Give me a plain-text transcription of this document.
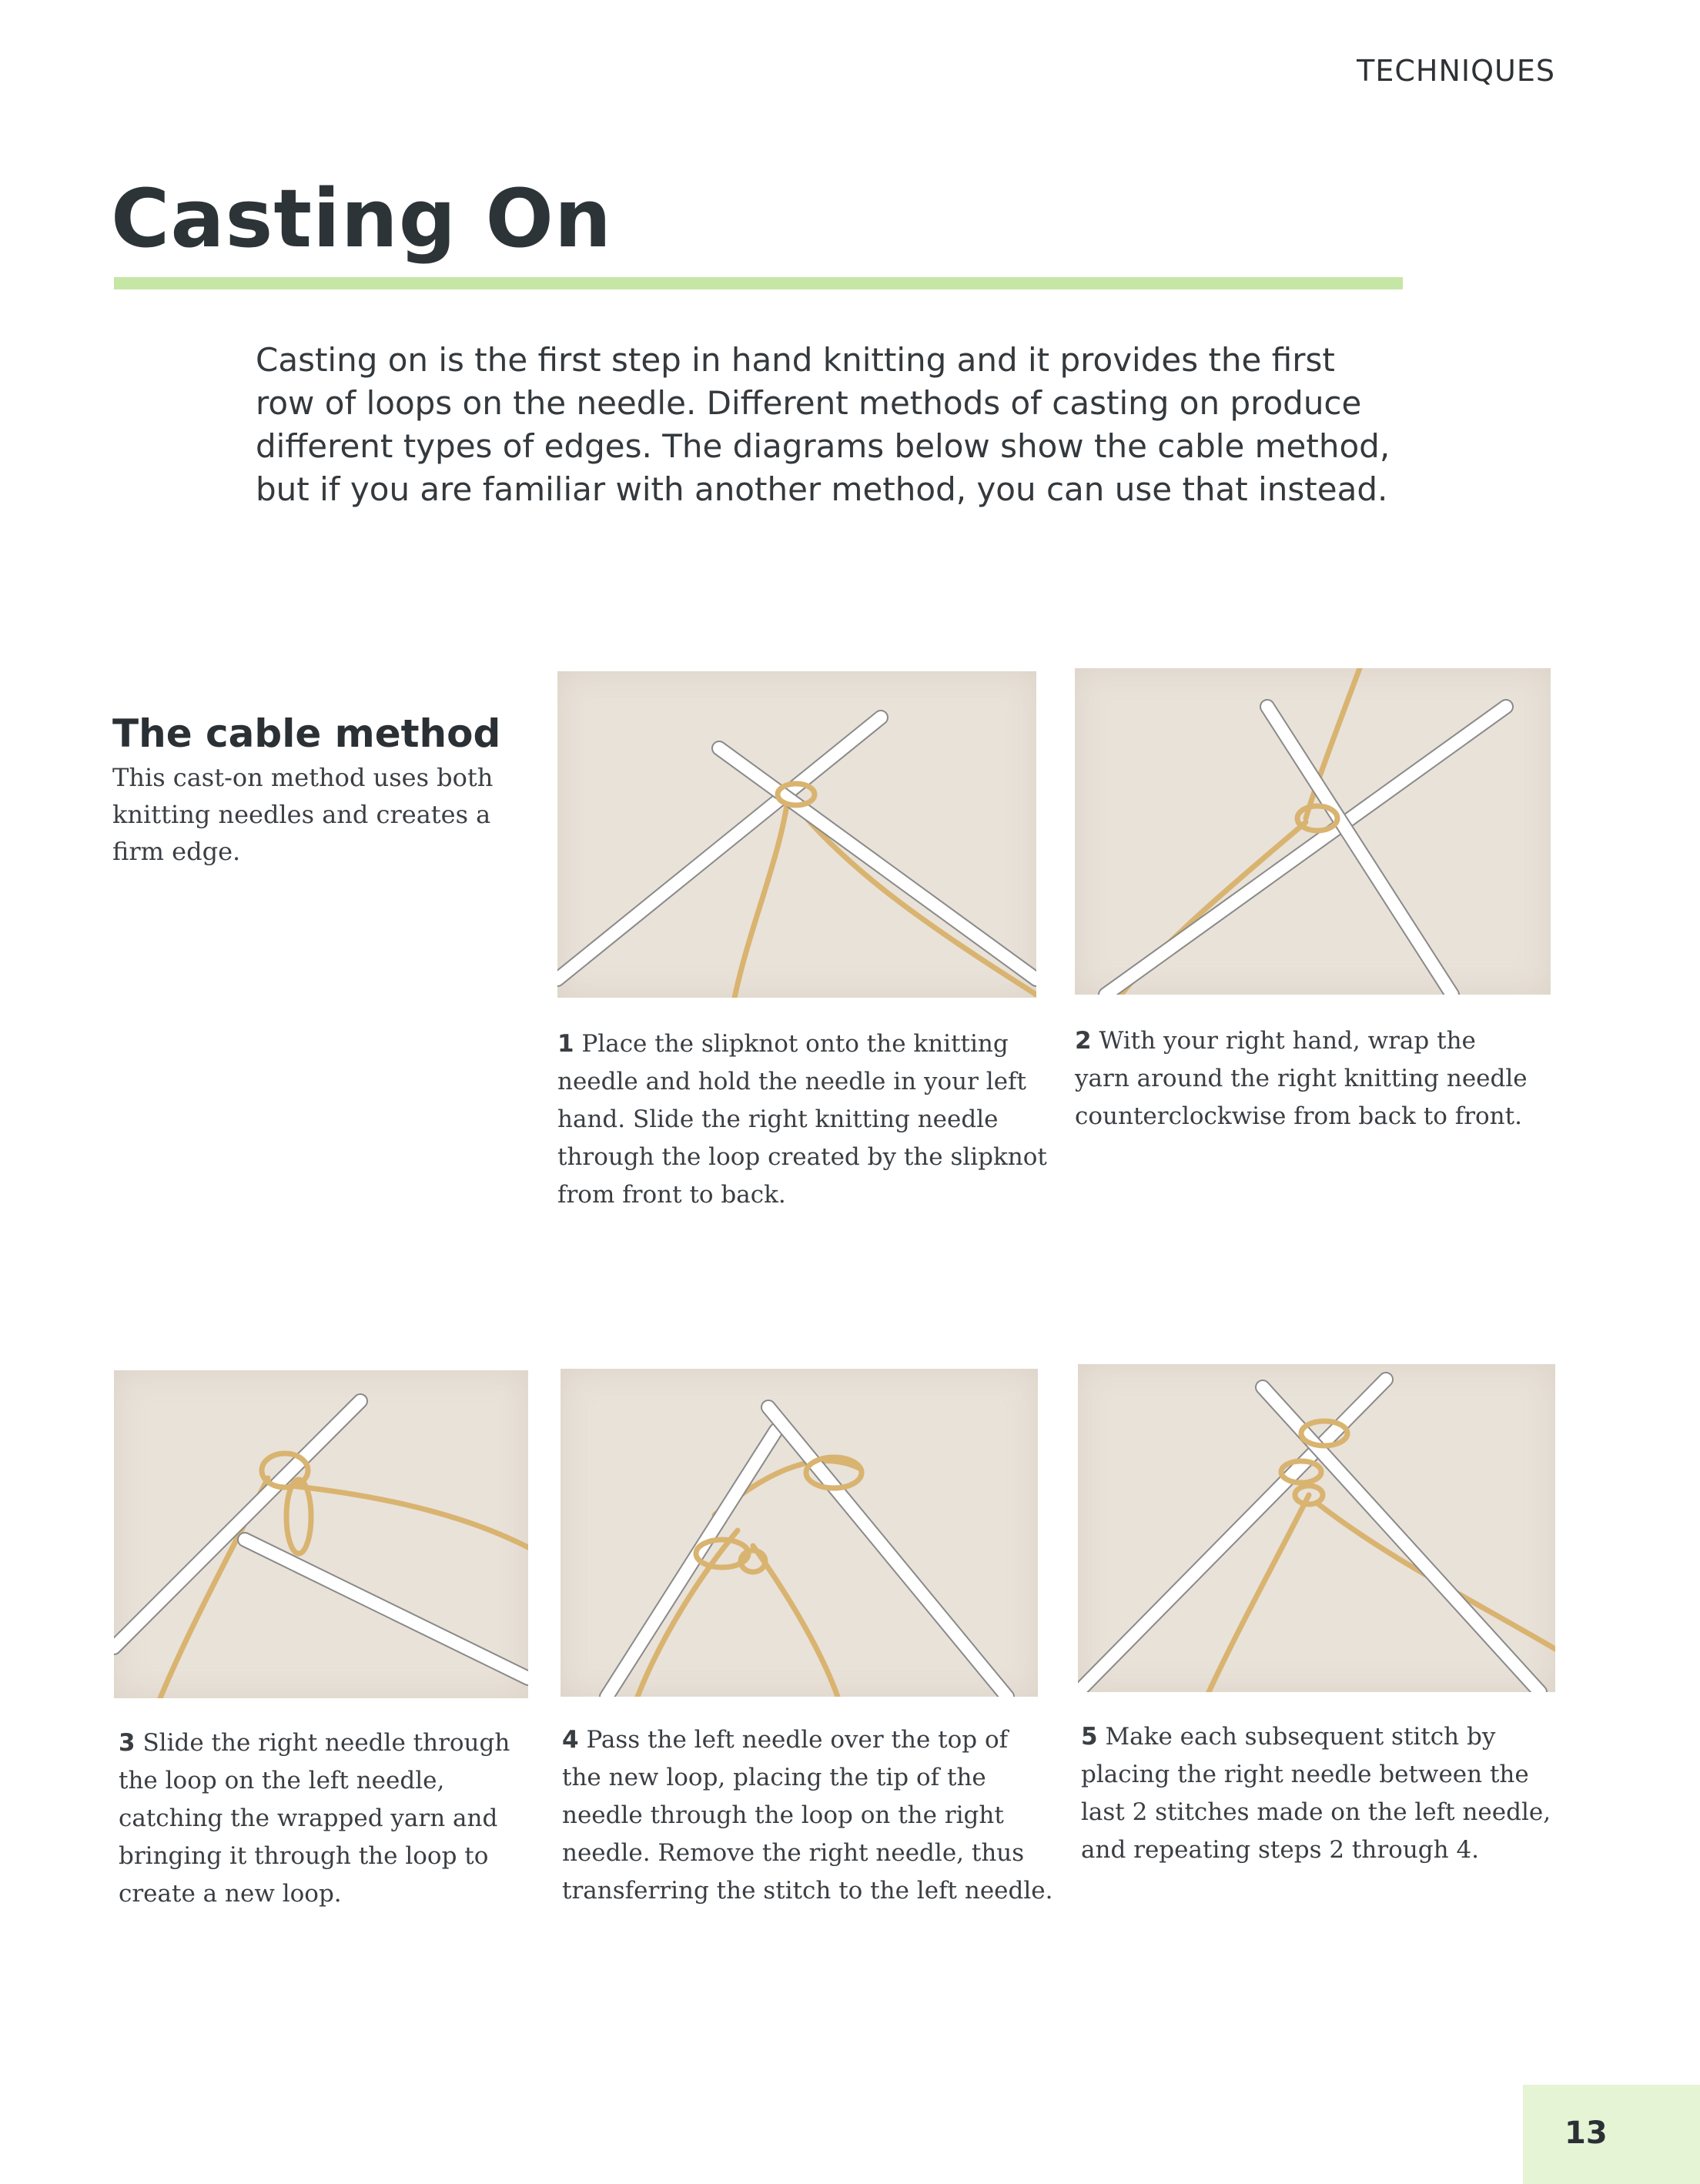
TECHNIQUES
Casting On

Casting on is the first step in hand knitting and it provides the first

row of loops on the needle. Different methods of casting on produce

different types of edges. The diagrams below show the cable method,

but if you are familiar with another method, you can use that instead.

The cable method

This cast-on method uses both

knitting needles and creates a

firm edge.

1 Place the slipknot onto the knitting

needle and hold the needle in your left

hand. Slide the right knitting needle

through the loop created by the slipknot

from front to back.

2 With your right hand, wrap the

yarn around the right knitting needle

counterclockwise from back to front.

3 Slide the right needle through

the loop on the left needle,

catching the wrapped yarn and

bringing it through the loop to

create a new loop.

4 Pass the left needle over the top of

the new loop, placing the tip of the

needle through the loop on the right

needle. Remove the right needle, thus

transferring the stitch to the left needle.

5 Make each subsequent stitch by

placing the right needle between the

last 2 stitches made on the left needle,

and repeating steps 2 through 4.

13
